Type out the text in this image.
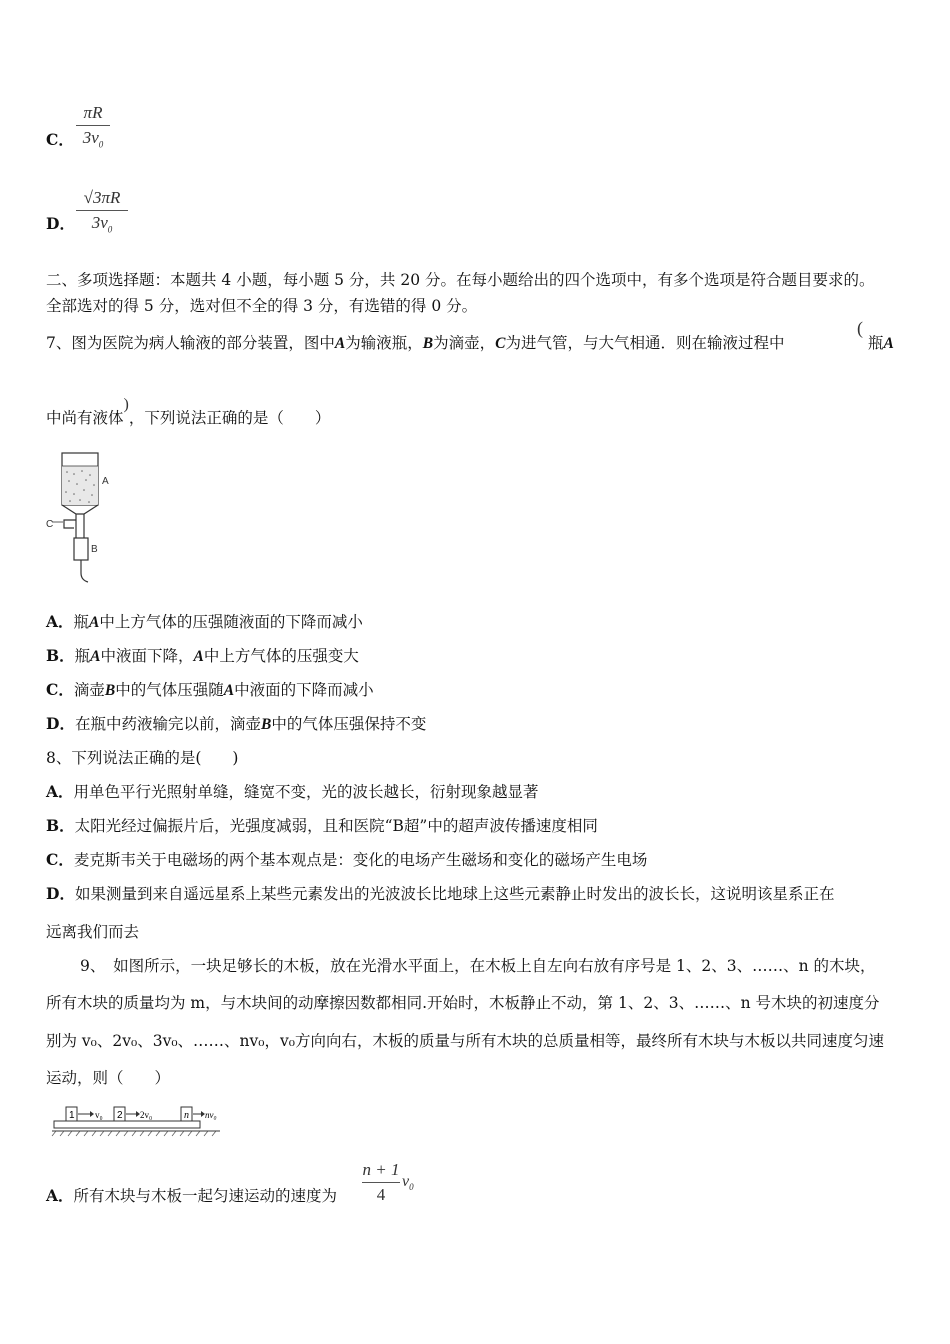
C．
πR
$3v_0$
D．
√3πR
$3v_0$
二、多项选择题：本题共 4 小题，每小题 5 分，共 20 分。在每小题给出的四个选项中，有多个选项是符合题目要求的。
全部选对的得 5 分，选对但不全的得 3 分，有选错的得 0 分。
7、图为医院为病人输液的部分装置，图中A为输液瓶，B为滴壶，C为进气管，与大气相通．则在输液过程中
(
瓶A
中尚有液体)，下列说法正确的是（　　）
A
B
C
A．瓶A中上方气体的压强随液面的下降而减小
B．瓶A中液面下降，A中上方气体的压强变大
C．滴壶B中的气体压强随A中液面的下降而减小
D．在瓶中药液输完以前，滴壶B中的气体压强保持不变
8、下列说法正确的是(　　)
A．用单色平行光照射单缝，缝宽不变，光的波长越长，衍射现象越显著
B．太阳光经过偏振片后，光强度减弱，且和医院“B超”中的超声波传播速度相同
C．麦克斯韦关于电磁场的两个基本观点是：变化的电场产生磁场和变化的磁场产生电场
D．如果测量到来自遥远星系上某些元素发出的光波波长比地球上这些元素静止时发出的波长长，这说明该星系正在
远离我们而去
9、　如图所示，一块足够长的木板，放在光滑水平面上，在木板上自左向右放有序号是 1、2、3、……、n 的木块，
所有木块的质量均为 m，与木块间的动摩擦因数都相同.开始时，木板静止不动，第 1、2、3、……、n 号木块的初速度分
别为 v₀、2v₀、3v₀、……、nv₀，v₀方向向右，木板的质量与所有木块的总质量相等，最终所有木块与木板以共同速度匀速
运动，则（　　）
1 v₀ 2 2v₀	n nv₀
A．所有木块与木板一起匀速运动的速度为
n + 1
4
$v_0$
